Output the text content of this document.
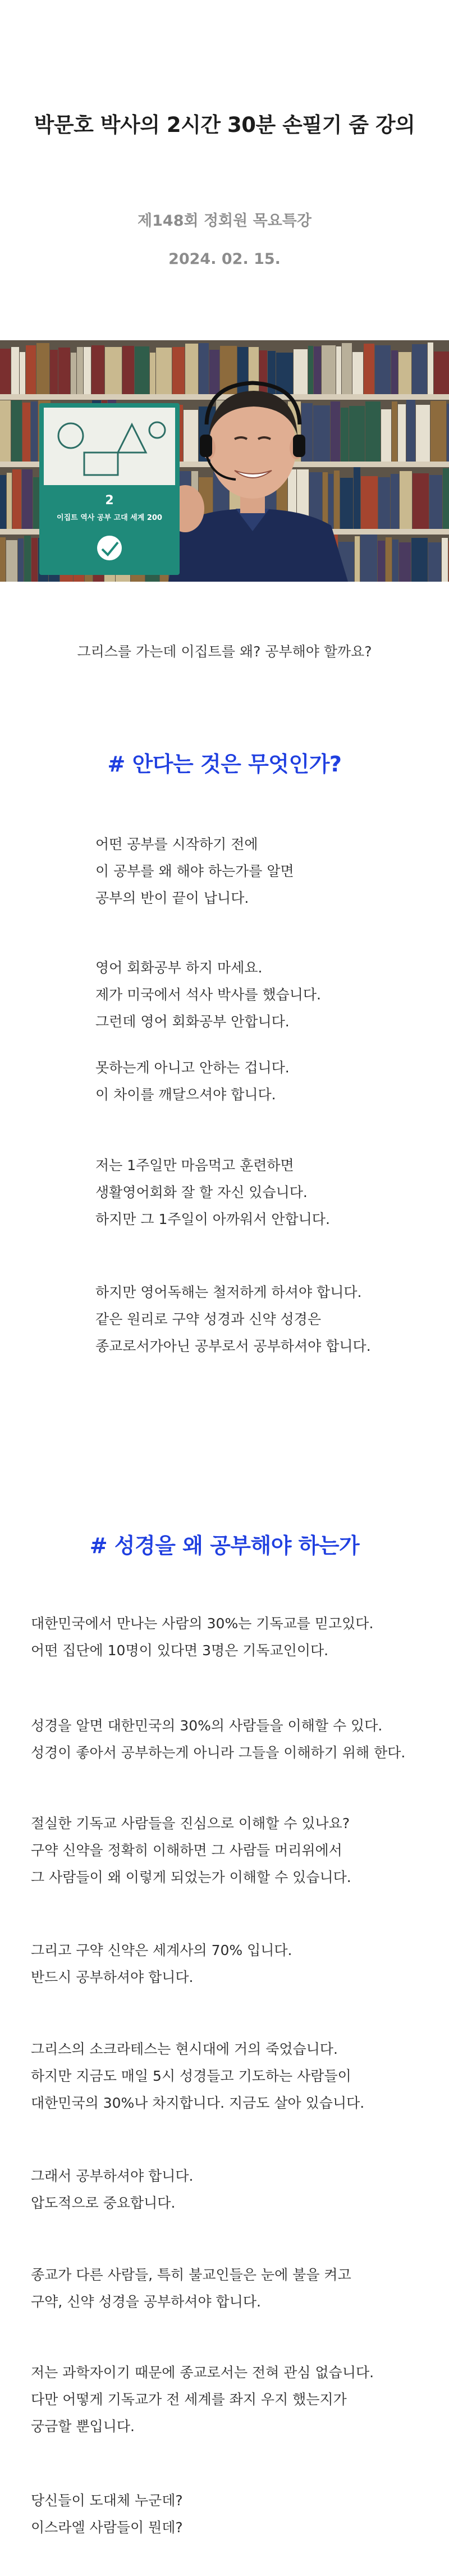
박문호 박사의 2시간 30분 손필기 줌 강의
제148회 정회원 목요특강
2024. 02. 15.
2
이집트 역사 공부 고대 세계 200
그리스를 가는데 이집트를 왜? 공부해야 할까요?
# 안다는 것은 무엇인가?
어떤 공부를 시작하기 전에
이 공부를 왜 해야 하는가를 알면
공부의 반이 끝이 납니다.
영어 회화공부 하지 마세요.
제가 미국에서 석사 박사를 했습니다.
그런데 영어 회화공부 안합니다.
못하는게 아니고 안하는 겁니다.
이 차이를 깨달으셔야 합니다.
저는 1주일만 마음먹고 훈련하면
생활영어회화 잘 할 자신 있습니다.
하지만 그 1주일이 아까워서 안합니다.
하지만 영어독해는 철저하게 하셔야 합니다.
같은 원리로 구약 성경과 신약 성경은
종교로서가아닌 공부로서 공부하셔야 합니다.
# 성경을 왜 공부해야 하는가
대한민국에서 만나는 사람의 30%는 기독교를 믿고있다.
어떤 집단에 10명이 있다면 3명은 기독교인이다.
성경을 알면 대한민국의 30%의 사람들을 이해할 수 있다.
성경이 좋아서 공부하는게 아니라 그들을 이해하기 위해 한다.
절실한 기독교 사람들을 진심으로 이해할 수 있나요?
구약 신약을 정확히 이해하면 그 사람들 머리위에서
그 사람들이 왜 이렇게 되었는가 이해할 수 있습니다.
그리고 구약 신약은 세계사의 70% 입니다.
반드시 공부하셔야 합니다.
그리스의 소크라테스는 현시대에 거의 죽었습니다.
하지만 지금도 매일 5시 성경들고 기도하는 사람들이
대한민국의 30%나 차지합니다. 지금도 살아 있습니다.
그래서 공부하셔야 합니다.
압도적으로 중요합니다.
종교가 다른 사람들, 특히 불교인들은 눈에 불을 켜고
구약, 신약 성경을 공부하셔야 합니다.
저는 과학자이기 때문에 종교로서는 전혀 관심 없습니다.
다만 어떻게 기독교가 전 세계를 좌지 우지 했는지가
궁금할 뿐입니다.
당신들이 도대체 누군데?
이스라엘 사람들이 뭔데?
